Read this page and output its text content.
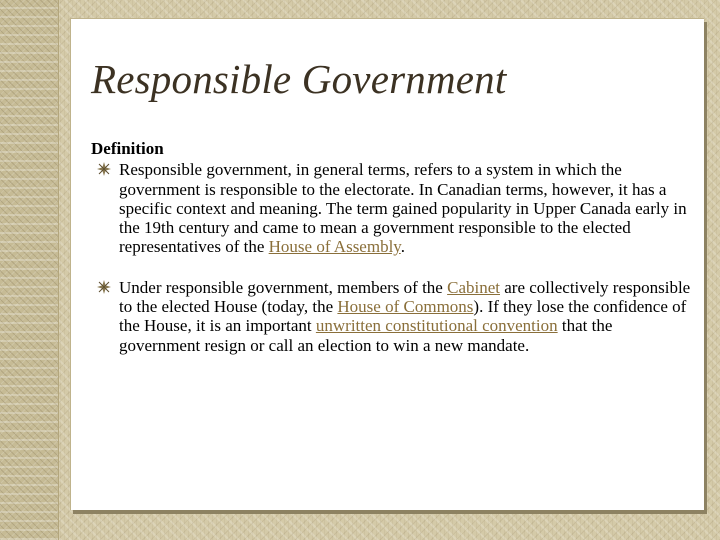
Responsible Government

Definition

Responsible government, in general terms, refers to a system in which the government is responsible to the electorate. In Canadian terms, however, it has a specific context and meaning. The term gained popularity in Upper Canada early in the 19th century and came to mean a government responsible to the elected representatives of the House of Assembly.

Under responsible government, members of the Cabinet are collectively responsible to the elected House (today, the House of Commons). If they lose the confidence of the House, it is an important unwritten constitutional convention that the government resign or call an election to win a new mandate.
